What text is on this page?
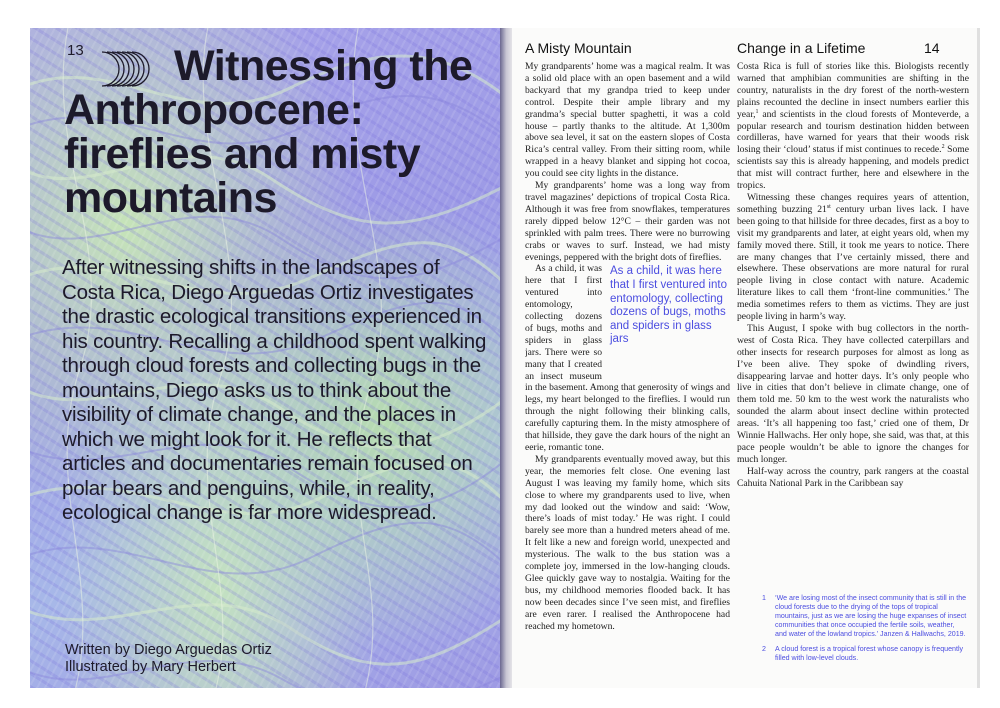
13	Witnessing the Anthropocene: fireflies and misty mountains

After witnessing shifts in the landscapes of Costa Rica, Diego Arguedas Ortiz investigates the drastic ecological transitions experienced in his country. Recalling a childhood spent walking through cloud forests and collecting bugs in the mountains, Diego asks us to think about the visibility of climate change, and the places in which we might look for it. He reflects that articles and documentaries remain focused on polar bears and penguins, while, in reality, ecological change is far more widespread.

Written by Diego Arguedas Ortiz
Illustrated by Mary Herbert
A Misty Mountain	Change in a Lifetime	14

My grandparents’ home was a magical realm. It was a solid old place with an open basement and a wild backyard that my grandpa tried to keep under control. Despite their ample library and my grandma’s special butter spaghetti, it was a cold house – partly thanks to the altitude. At 1,300m above sea level, it sat on the eastern slopes of Costa Rica’s central valley. From their sitting room, while wrapped in a heavy blanket and sipping hot cocoa, you could see city lights in the distance.

My grandparents’ home was a long way from travel magazines’ depictions of tropical Costa Rica. Although it was free from snowflakes, temperatures rarely dipped below 12°C – their garden was not sprinkled with palm trees. There were no burrowing crabs or waves to surf. Instead, we had misty evenings, peppered with the bright dots of fireflies.

As a child, it was here that I first ventured into entomology, collecting dozens of bugs, moths and spiders in glass jars

As a child, it was here that I first ventured into entomology, collecting dozens of bugs, moths and spiders in glass jars. There were so many that I created an insect museum in the basement. Among that generosity of wings and legs, my heart belonged to the fireflies. I would run through the night following their blinking calls, carefully capturing them. In the misty atmosphere of that hillside, they gave the dark hours of the night an eerie, romantic tone.

My grandparents eventually moved away, but this year, the memories felt close. One evening last August I was leaving my family home, which sits close to where my grandparents used to live, when my dad looked out the window and said: ‘Wow, there’s loads of mist today.’ He was right. I could barely see more than a hundred meters ahead of me. It felt like a new and foreign world, unexpected and mysterious. The walk to the bus station was a complete joy, immersed in the low-hanging clouds. Glee quickly gave way to nostalgia. Waiting for the bus, my childhood memories flooded back. It has now been decades since I’ve seen mist, and fireflies are even rarer. I realised the Anthropocene had reached my hometown.

Costa Rica is full of stories like this. Biologists recently warned that amphibian communities are shifting in the country, naturalists in the dry forest of the north-western plains recounted the decline in insect numbers earlier this year,$^1$ and scientists in the cloud forests of Monteverde, a popular research and tourism destination hidden between cordilleras, have warned for years that their woods risk losing their ‘cloud’ status if mist continues to recede.$^2$ Some scientists say this is already happening, and models predict that mist will contract further, here and elsewhere in the tropics.

Witnessing these changes requires years of attention, something buzzing 21st century urban lives lack. I have been going to that hillside for three decades, first as a boy to visit my grandparents and later, at eight years old, when my family moved there. Still, it took me years to notice. There are many changes that I’ve certainly missed, there and elsewhere. These observations are more natural for rural people living in close contact with nature. Academic literature likes to call them ‘front-line communities.’ The media sometimes refers to them as victims. They are just people living in harm’s way.

This August, I spoke with bug collectors in the north-west of Costa Rica. They have collected caterpillars and other insects for research purposes for almost as long as I’ve been alive. They spoke of dwindling rivers, disappearing larvae and hotter days. It’s only people who live in cities that don’t believe in climate change, one of them told me. 50 km to the west work the naturalists who sounded the alarm about insect decline within protected areas. ‘It’s all happening too fast,’ cried one of them, Dr Winnie Hallwachs. Her only hope, she said, was that, at this pace people wouldn’t be able to ignore the changes for much longer.

Half-way across the country, park rangers at the coastal Cahuita National Park in the Caribbean say

1 ‘We are losing most of the insect community that is still in the cloud forests due to the drying of the tops of tropical mountains, just as we are losing the huge expanses of insect communities that once occupied the fertile soils, weather, and water of the lowland tropics.’ Janzen & Hallwachs, 2019.
2 A cloud forest is a tropical forest whose canopy is frequently filled with low-level clouds.
